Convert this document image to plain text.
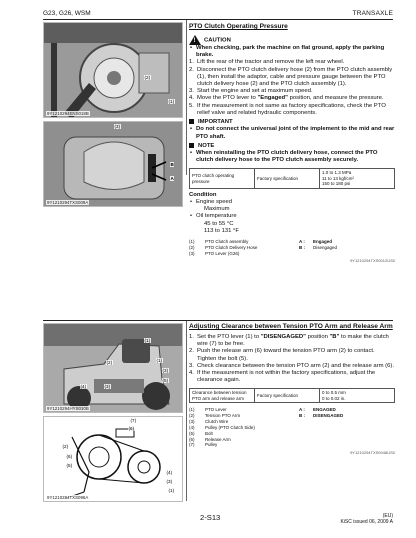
G23, G26, WSM	TRANSAXLE
(2)
(1)
9Y1210294ENS018B
(3)
B
A
9Y1210294TXS009A
(2)
(1)
(3)
(5)
(4)	(3)
(1)
9Y1210294HYS010B
(7)
(6)
(2)
(6)
(5)
(4)
(3)
(1)
9Y1210294TXS096A
PTO Clutch Operating Pressure
! CAUTION
• When checking, park the machine on flat ground, apply the parking brake.
1. Lift the rear of the tractor and remove the left rear wheel.
2. Disconnect the PTO clutch delivery hose (2) from the PTO clutch assembly (1), then install the adaptor, cable and pressure gauge between the PTO clutch delivery hose (2) and the PTO clutch assembly (1).
3. Start the engine and set at maximum speed.
4. Move the PTO lever to "Engaged" position, and measure the pressure.
5. If the measurement is not same as factory specifications, check the PTO relief valve and related hydraulic components.
IMPORTANT
• Do not connect the universal joint of the implement to the mid and rear PTO shaft.
NOTE
• When reinstalling the PTO clutch delivery hose, connect the PTO clutch delivery hose to the PTO clutch assembly securely.
PTO clutch operating pressure	Factory specification	
1.0 to 1.3 MPa
11 to 13 kgf/cm²
150 to 180 psi
Condition
• Engine speed
Maximum
• Oil temperature
45 to 55 °C
113 to 131 °F
(1)	PTO Clutch assembly	A :	Engaged
(2)	PTO Clutch Delivery Hose	B :	Disengaged
(3)	PTO Lever (G26)
9Y1210294TXS0012US0
Adjusting Clearance between Tension PTO Arm and Release Arm
1. Set the PTO lever (1) to "DISENGAGED" position "B" to make the clutch wire (7) to be free.
2. Push the release arm (6) toward the tension PTO arm (2) to contact. Tighten the bolt (5).
3. Check clearance between the tension PTO arm (2) and the release arm (6).
4. If the measurement is not within the factory specifications, adjust the clearance again.
Clearance between tension PTO arm and release arm	Factory specification	
0 to 0.5 mm
0 to 0.02 in.
(1)	PTO Lever	A :	ENGAGED
(2)	Tension PTO Arm	B :	DISENGAGED
(3)	Clutch Wire
(4)	Pulley (PTO Clutch Side)
(5)	Bolt
(6)	Release Arm
(7)	Pulley
9Y1210294TXS0048US0
2-S13	(EU)
KiSC issued 06, 2009 A
